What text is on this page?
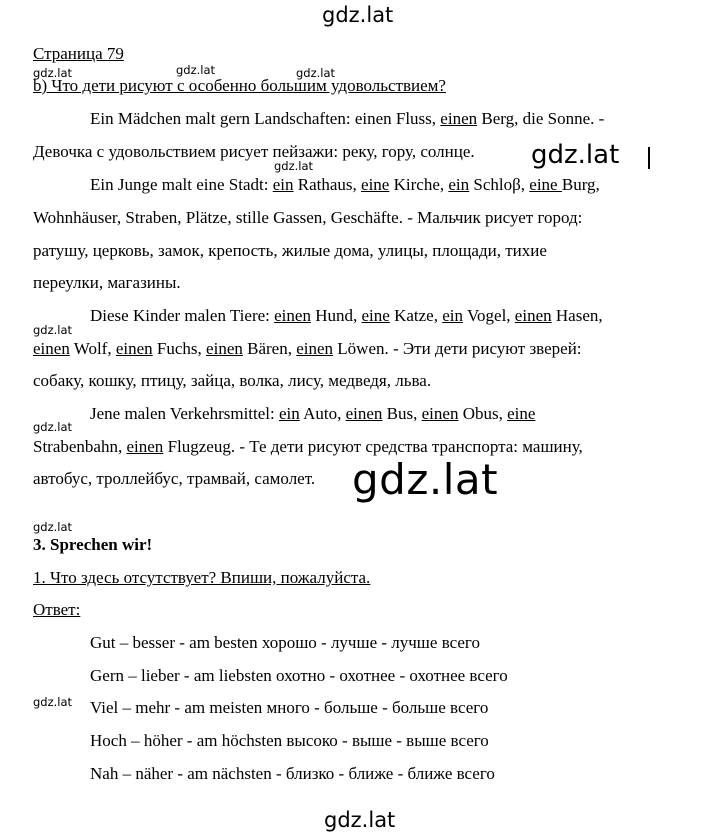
gdz.lat
Страница 79
gdz.lat	gdz.lat	gdz.lat
b) Что дети рисуют с особенно большим удовольствием?
Ein Mädchen malt gern Landschaften: einen Fluss, einen Berg, die Sonne. -
Девочка с удовольствием рисует пейзажи: реку, гору, солнце. gdz.lat
gdz.lat
Ein Junge malt eine Stadt: ein Rathaus, eine Kirche, ein Schloβ, eine Burg,
Wohnhäuser, Straben, Plätze, stille Gassen, Geschäfte. - Мальчик рисует город:
ратушу, церковь, замок, крепость, жилые дома, улицы, площади, тихие
переулки, магазины.
Diese Kinder malen Tiere: einen Hund, eine Katze, ein Vogel, einen Hasen,
gdz.lat
einen Wolf, einen Fuchs, einen Bären, einen Löwen. - Эти дети рисуют зверей:
собаку, кошку, птицу, зайца, волка, лису, медведя, льва.
Jene malen Verkehrsmittel: ein Auto, einen Bus, einen Obus, eine
gdz.lat
Strabenbahn, einen Flugzeug. - Те дети рисуют средства транспорта: машину,
автобус, троллейбус, трамвай, самолет. gdz.lat
gdz.lat
3. Sprechen wir!
1. Что здесь отсутствует? Впиши, пожалуйста.
Ответ:
Gut – besser - am besten хорошо - лучше - лучше всего
Gern – lieber - am liebsten охотно - охотнее - охотнее всего
gdz.lat Viel – mehr - am meisten много - больше - больше всего
Hoch – höher - am höchsten высоко - выше - выше всего
Nah – näher - am nächsten - близко - ближе - ближе всего
gdz.lat
